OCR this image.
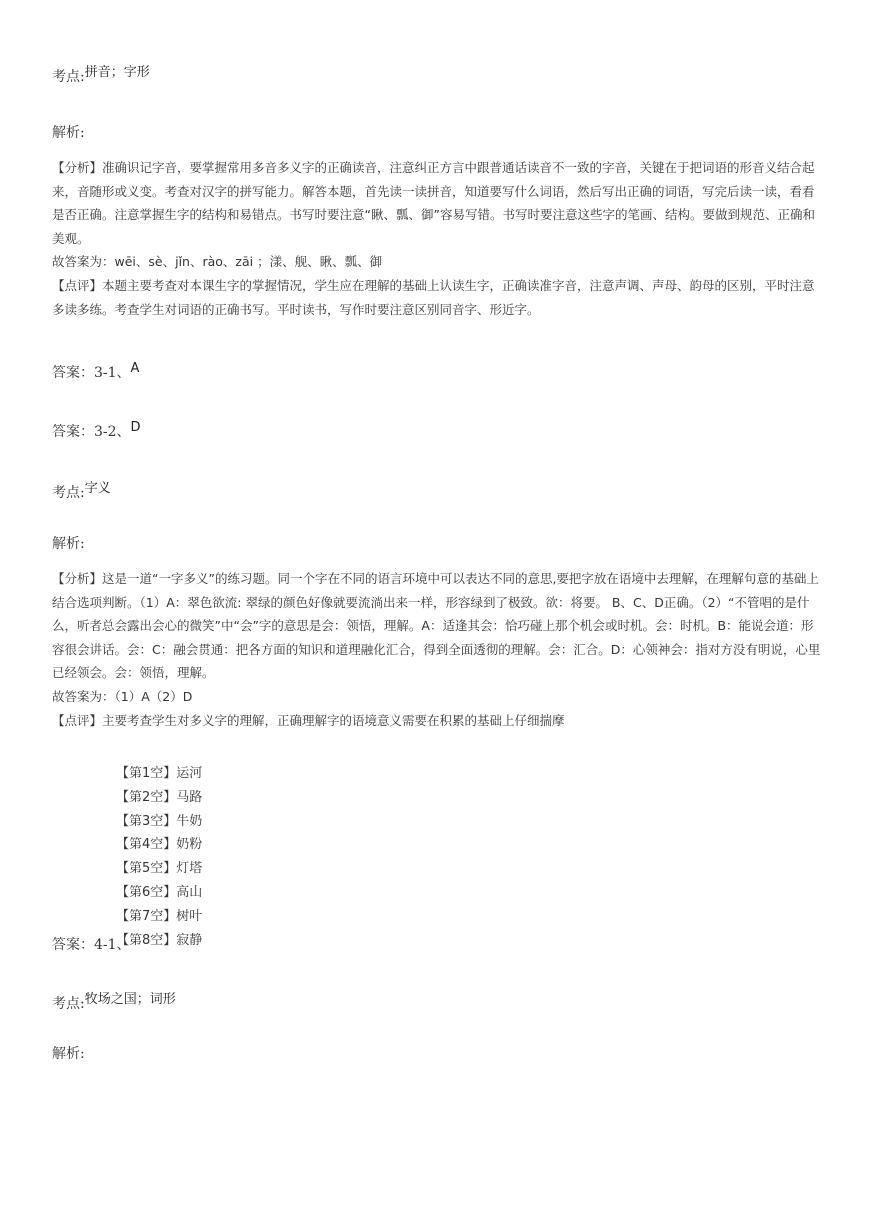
考点:$^{拼音;字形}$
解析:

【分析】准确识记字音，要掌握常用多音多义字的正确读音，注意纠正方言中跟普通话读音不一致的字音，关键在于把词语的形音义结合起来，音随形或义变。考查对汉字的拼写能力。解答本题，首先读一读拼音，知道要写什么词语，然后写出正确的词语，写完后读一读，看看是否正确。注意掌握生字的结构和易错点。书写时要注意“瞅、瓢、御”容易写错。书写时要注意这些字的笔画、结构。要做到规范、正确和美观。

故答案为：wēi、sè、jǐn、rào、zāi ；漾、舰、瞅、瓢、御

【点评】本题主要考查对本课生字的掌握情况，学生应在理解的基础上认读生字，正确读准字音，注意声调、声母、韵母的区别，平时注意多读多练。考查学生对词语的正确书写。平时读书，写作时要注意区别同音字、形近字。

答案：3-1、$^A$
答案：3-2、$^D$
考点:$^{字义}$
解析:

【分析】这是一道“一字多义”的练习题。同一个字在不同的语言环境中可以表达不同的意思,要把字放在语境中去理解，在理解句意的基础上结合选项判断。（1）A：翠色欲流: 翠绿的颜色好像就要流淌出来一样，形容绿到了极致。欲：将要。 B、C、D正确。（2）“不管唱的是什么，听者总会露出会心的微笑”中“会”字的意思是会：领悟，理解。A：适逢其会：恰巧碰上那个机会或时机。会：时机。B：能说会道：形容很会讲话。会：C：融会贯通：把各方面的知识和道理融化汇合，得到全面透彻的理解。会：汇合。D：心领神会：指对方没有明说，心里已经领会。会：领悟，理解。

故答案为：（1）A（2）D

【点评】主要考查学生对多义字的理解，正确理解字的语境意义需要在积累的基础上仔细揣摩

【第1空】运河
【第2空】马路
【第3空】牛奶
【第4空】奶粉
【第5空】灯塔
【第6空】高山
【第7空】树叶
【第8空】寂静
答案：4-1、
考点:$^{牧场之国;词形}$
解析:
